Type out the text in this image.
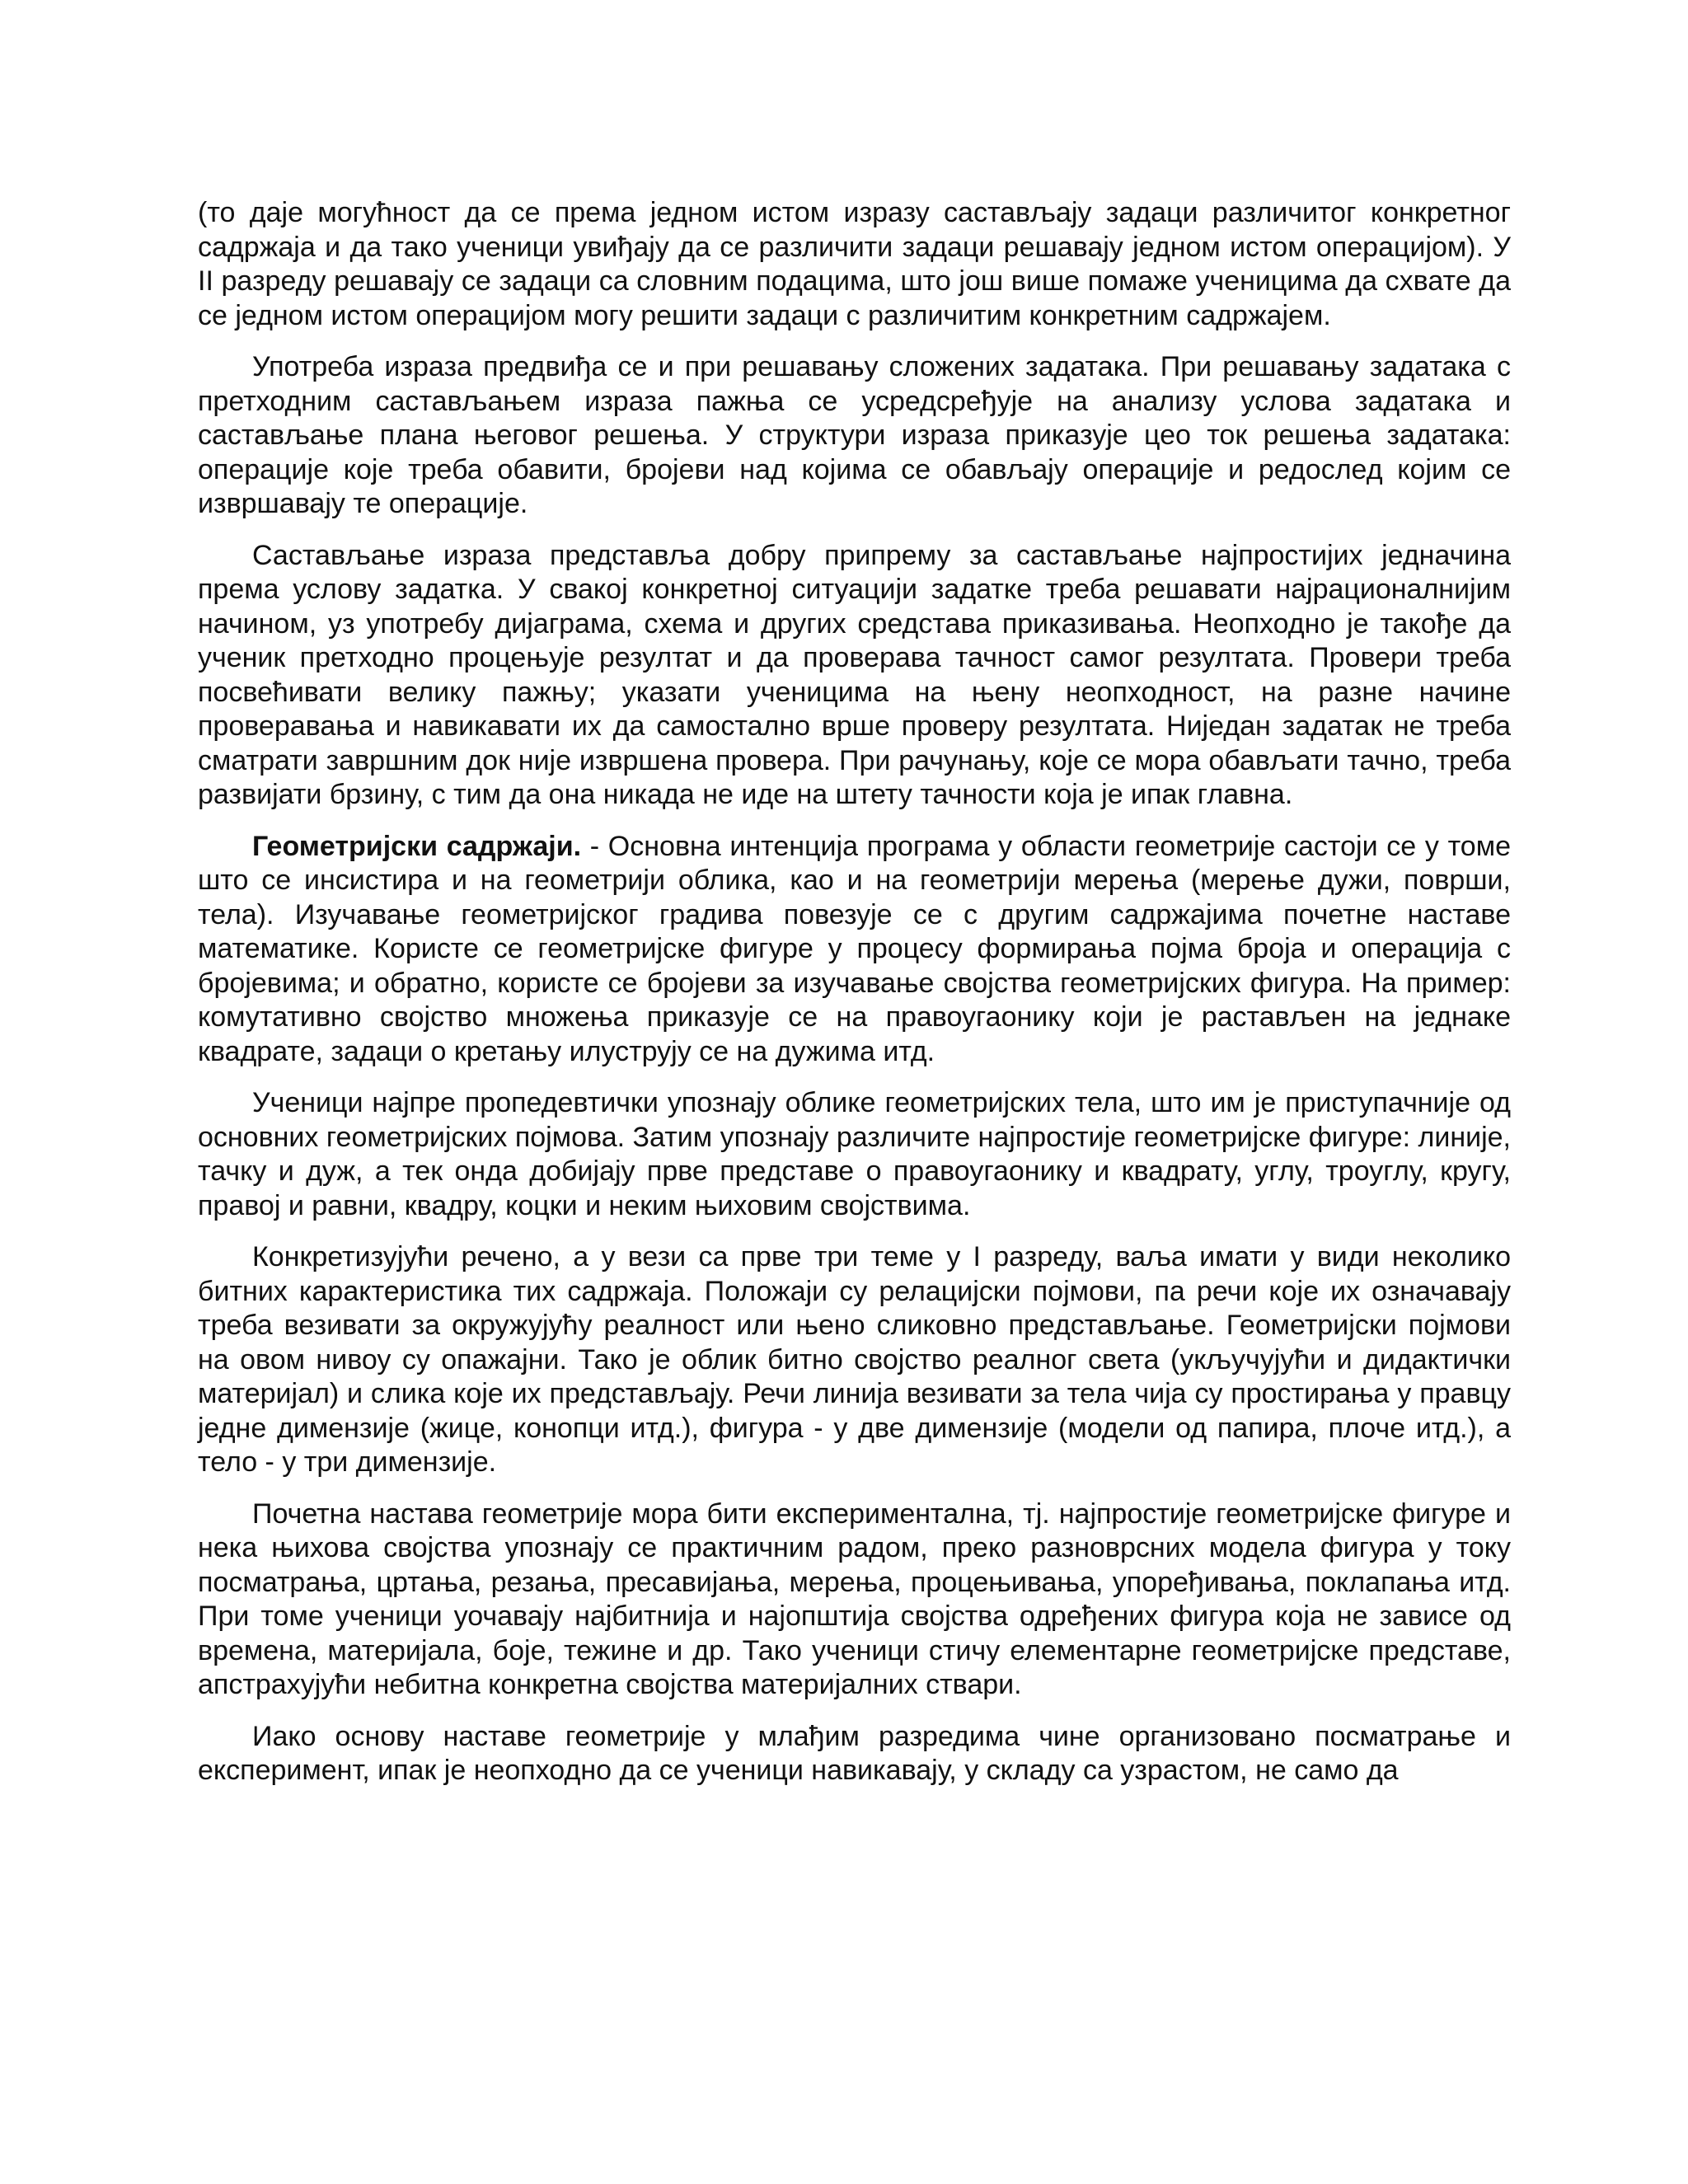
(то даје могућност да се према једном истом изразу састављају задаци различитог конкретног садржаја и да тако ученици увиђају да се различити задаци решавају једном истом операцијом). У II разреду решавају се задаци са словним подацима, што још више помаже ученицима да схвате да се једном истом операцијом могу решити задаци с различитим конкретним садржајем.

Употреба израза предвиђа се и при решавању сложених задатака. При решавању задатака с претходним састављањем израза пажња се усредсређује на анализу услова задатака и састављање плана његовог решења. У структури израза приказује цео ток решења задатака: операције које треба обавити, бројеви над којима се обављају операције и редослед којим се извршавају те операције.

Састављање израза представља добру припрему за састављање најпростијих једначина према услову задатка. У свакој конкретној ситуацији задатке треба решавати најрационалнијим начином, уз употребу дијаграма, схема и других средстава приказивања. Неопходно је такође да ученик претходно процењује резултат и да проверава тачност самог резултата. Провери треба посвећивати велику пажњу; указати ученицима на њену неопходност, на разне начине проверавања и навикавати их да самостално врше проверу резултата. Ниједан задатак не треба сматрати завршним док није извршена провера. При рачунању, које се мора обављати тачно, треба развијати брзину, с тим да она никада не иде на штету тачности која је ипак главна.

Геометријски садржаји. - Основна интенција програма у области геометрије састоји се у томе што се инсистира и на геометрији облика, као и на геометрији мерења (мерење дужи, површи, тела). Изучавање геометријског градива повезује се с другим садржајима почетне наставе математике. Користе се геометријске фигуре у процесу формирања појма броја и операција с бројевима; и обратно, користе се бројеви за изучавање својства геометријских фигура. На пример: комутативно својство множења приказује се на правоугаонику који је растављен на једнаке квадрате, задаци о кретању илуструју се на дужима итд.

Ученици најпре пропедевтички упознају облике геометријских тела, што им је приступачније од основних геометријских појмова. Затим упознају различите најпростије геометријске фигуре: линије, тачку и дуж, а тек онда добијају прве представе о правоугаонику и квадрату, углу, троуглу, кругу, правој и равни, квадру, коцки и неким њиховим својствима.

Конкретизујући речено, а у вези са прве три теме у I разреду, ваља имати у види неколико битних карактеристика тих садржаја. Положаји су релацијски појмови, па речи које их означавају треба везивати за окружујућу реалност или њено сликовно представљање. Геометријски појмови на овом нивоу су опажајни. Тако је облик битно својство реалног света (укључујући и дидактички материјал) и слика које их представљају. Речи линија везивати за тела чија су простирања у правцу једне димензије (жице, конопци итд.), фигура - у две димензије (модели од папира, плоче итд.), а тело - у три димензије.

Почетна настава геометрије мора бити експериментална, тј. најпростије геометријске фигуре и нека њихова својства упознају се практичним радом, преко разноврсних модела фигура у току посматрања, цртања, резања, пресавијања, мерења, процењивања, упоређивања, поклапања итд. При томе ученици уочавају најбитнија и најопштија својства одређених фигура која не зависе од времена, материјала, боје, тежине и др. Тако ученици стичу елементарне геометријске представе, апстрахујући небитна конкретна својства материјалних ствари.

Иако основу наставе геометрије у млађим разредима чине организовано посматрање и експеримент, ипак је неопходно да се ученици навикавају, у складу са узрастом, не само да
